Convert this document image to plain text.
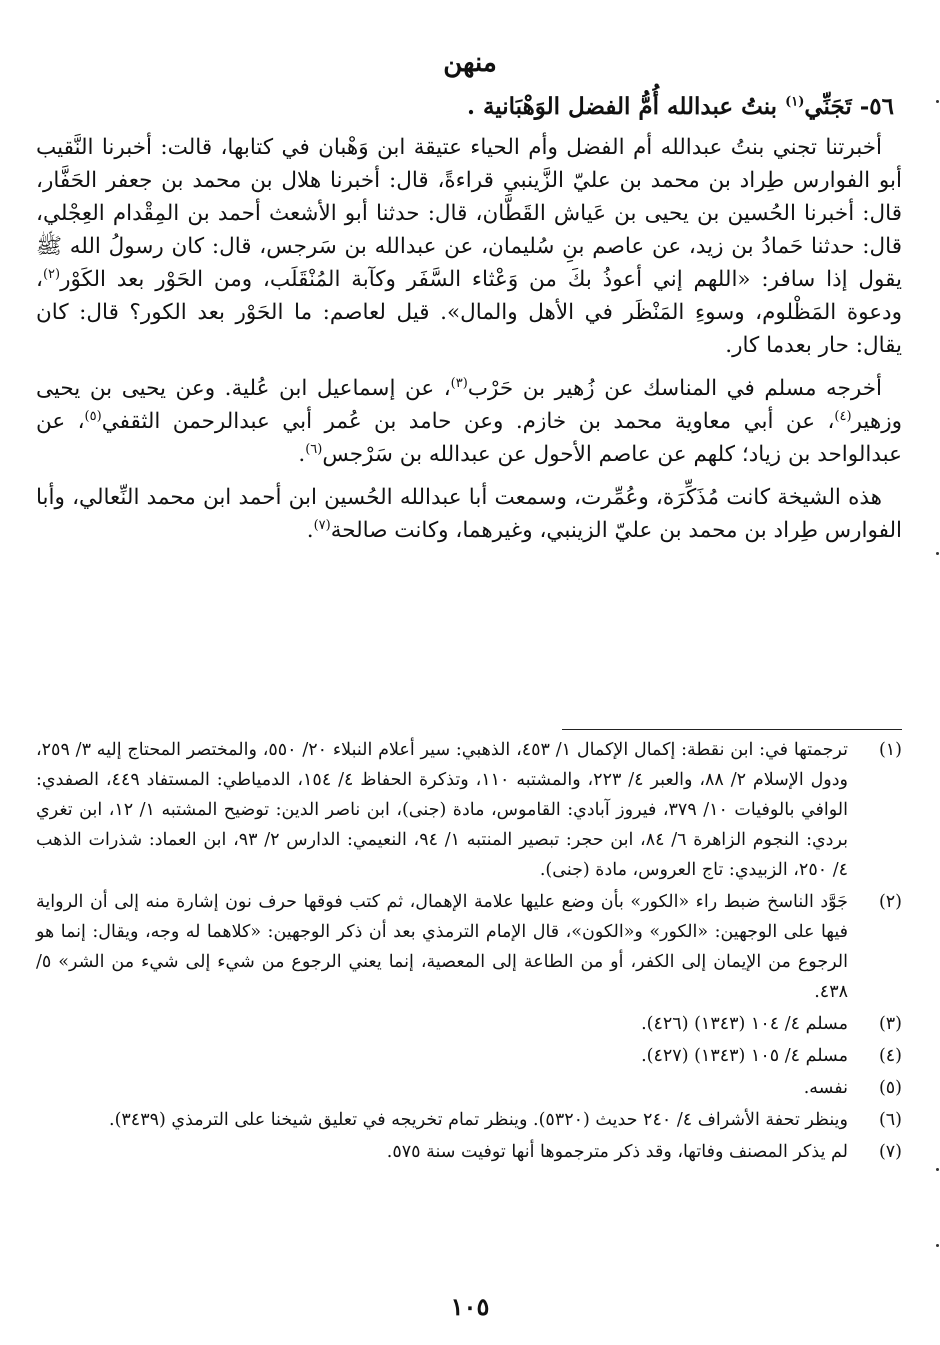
منهن
٥٦- تَجَنِّي$^{(١)}$ بنتُ عبدالله أُمُّ الفضل الوَهْبَانية .

أخبرتنا تجني بنتُ عبدالله أم الفضل وأم الحياء عتيقة ابن وَهْبان في كتابها، قالت: أخبرنا النَّقيب أبو الفوارس طِراد بن محمد بن عليّ الزَّينبي قراءةً، قال: أخبرنا هلال بن محمد بن جعفر الحَفَّار، قال: أخبرنا الحُسين بن يحيى بن عَياش القَطَّان، قال: حدثنا أبو الأشعث أحمد بن المِقْدام العِجْلي، قال: حدثنا حَمادُ بن زيد، عن عاصم بنِ سُليمان، عن عبدالله بن سَرجس، قال: كان رسولُ الله ﷺ يقول إذا سافر: «اللهم إني أعوذُ بكَ من وَعْثاء السَّفَر وكآبة المُنْقَلَب، ومن الحَوْر بعد الكَوْر$^{(٢)}$، ودعوة المَظْلوم، وسوءِ المَنْظَر في الأهل والمال». قيل لعاصم: ما الحَوْر بعد الكور؟ قال: كان يقال: حار بعدما كار.

أخرجه مسلم في المناسك عن زُهير بن حَرْب$^{(٣)}$، عن إسماعيل ابن عُلية. وعن يحيى بن يحيى وزهير$^{(٤)}$، عن أبي معاوية محمد بن خازم. وعن حامد بن عُمر أبي عبدالرحمن الثقفي$^{(٥)}$، عن عبدالواحد بن زياد؛ كلهم عن عاصم الأحول عن عبدالله بن سَرْجس$^{(٦)}$.

هذه الشيخة كانت مُذَكِّرَة، وعُمِّرت، وسمعت أبا عبدالله الحُسين ابن أحمد ابن محمد النِّعالي، وأبا الفوارس طِراد بن محمد بن عليّ الزينبي، وغيرهما، وكانت صالحة$^{(٧)}$.

(١)
ترجمتها في: ابن نقطة: إكمال الإكمال ١/ ٤٥٣، الذهبي: سير أعلام النبلاء ٢٠/ ٥٥٠، والمختصر المحتاج إليه ٣/ ٢٥٩، ودول الإسلام ٢/ ٨٨، والعبر ٤/ ٢٢٣، والمشتبه ١١٠، وتذكرة الحفاظ ٤/ ١٥٤، الدمياطي: المستفاد ٤٤٩، الصفدي: الوافي بالوفيات ١٠/ ٣٧٩، فيروز آبادي: القاموس، مادة (جنى)، ابن ناصر الدين: توضيح المشتبه ١/ ١٢، ابن تغري بردي: النجوم الزاهرة ٦/ ٨٤، ابن حجر: تبصير المنتبه ١/ ٩٤، النعيمي: الدارس ٢/ ٩٣، ابن العماد: شذرات الذهب ٤/ ٢٥٠، الزبيدي: تاج العروس، مادة (جنى).
(٢)
جَوَّد الناسخ ضبط راء «الكور» بأن وضع عليها علامة الإهمال، ثم كتب فوقها حرف نون إشارة منه إلى أن الرواية فيها على الوجهين: «الكور» و«الكون»، قال الإمام الترمذي بعد أن ذكر الوجهين: «كلاهما له وجه، ويقال: إنما هو الرجوع من الإيمان إلى الكفر، أو من الطاعة إلى المعصية، إنما يعني الرجوع من شيء إلى شيء من الشر» ٥/ ٤٣٨.
(٣)
مسلم ٤/ ١٠٤ (١٣٤٣) (٤٢٦).
(٤)
مسلم ٤/ ١٠٥ (١٣٤٣) (٤٢٧).
(٥)
نفسه.
(٦)
وينظر تحفة الأشراف ٤/ ٢٤٠ حديث (٥٣٢٠). وينظر تمام تخريجه في تعليق شيخنا على الترمذي (٣٤٣٩).
(٧)
لم يذكر المصنف وفاتها، وقد ذكر مترجموها أنها توفيت سنة ٥٧٥.
١٠٥
